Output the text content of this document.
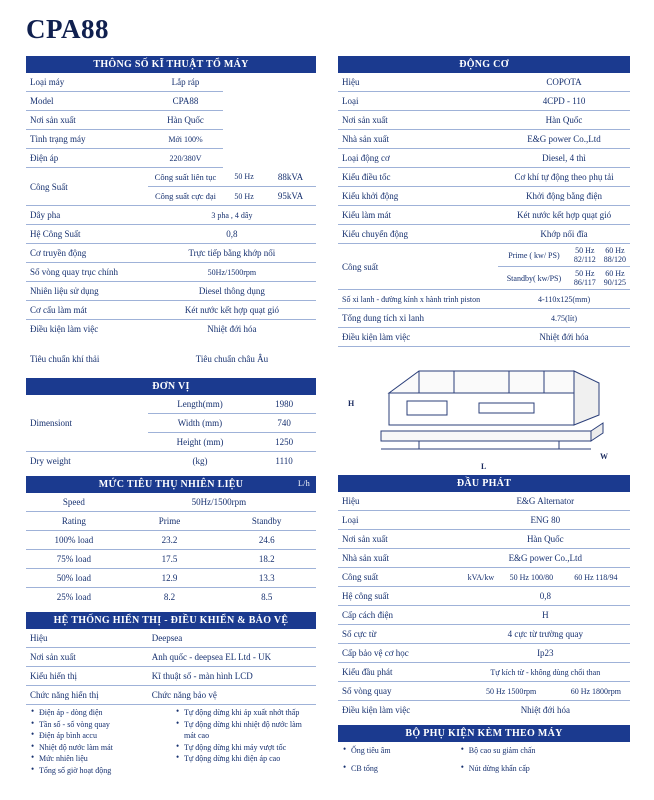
CPA88
THÔNG SỐ KĨ THUẬT TỔ MÁY
Loại máy	Lắp ráp		
Model	CPA88		
Nơi sản xuất	Hàn Quốc		
Tình trạng máy	Mới 100%		
Điện áp	220/380V		
Công Suất	Công suất liên tục	50 Hz	88kVA
	Công suất cực đại	50 Hz	95kVA
Dây pha	3 pha , 4 dây		
Hệ Công Suất	0,8		
Cơ truyền động	Trực tiếp bằng khớp nối		
Số vòng quay trục chính	50Hz/1500rpm		
Nhiên liệu sử dụng	Diesel thông dụng		
Cơ cấu làm mát	Két nước kết hợp quạt gió		
Điều kiện làm việc	Nhiệt đới hóa		

Tiêu chuẩn khí thải	Tiêu chuẩn châu Âu		
ĐƠN VỊ
Dimensiont	Length(mm)	1980
	Width (mm)	740
	Height (mm)	1250
Dry weight	(kg)	1110
MỨC TIÊU THỤ NHIÊN LIỆU	L/h
Speed	50Hz/1500rpm	
Rating	Prime	Standby
100% load	23.2	24.6
75% load	17.5	18.2
50% load	12.9	13.3
25% load	8.2	8.5
HỆ THỐNG HIỂN THỊ - ĐIỀU KHIỂN & BẢO VỆ
Hiệu	Deepsea
Nơi sản xuất	Anh quốc - deepsea EL Ltd - UK
Kiểu hiển thị	Kĩ thuật số - màn hình LCD
Chức năng hiển thị	Chức năng bảo vệ
• Điện áp - dòng điện
• Tần số - số vòng quay
• Điện áp bình accu
• Nhiệt độ nước làm mát
• Mức nhiên liệu
• Tổng số giờ hoạt động
• Tự động dừng khi áp xuất nhớt thấp
• Tự động dừng khi nhiệt độ nước làm mát cao
• Tự động dừng khi máy vượt tốc
• Tự động dừng khi điện áp cao
ĐỘNG CƠ
Hiệu	COPOTA		
Loại	4CPD - 110		
Nơi sản xuất	Hàn Quốc		
Nhà sản xuất	E&G power Co.,Ltd		
Loại động cơ	Diesel, 4 thì		
Kiểu điều tốc	Cơ khí tự động theo phụ tải		
Kiểu khởi động	Khởi động bằng điện		
Kiểu làm mát	Két nước kết hợp quạt gió		
Kiểu chuyển động	Khớp nối đĩa		
Công suất	Prime ( kw/ PS)	50 Hz 82/112	60 Hz 88/120
	Standby( kw/PS)	50 Hz 86/117	60 Hz 90/125
Số xi lanh - đường kính x hành trình piston	4-110x125(mm)		
Tổng dung tích xi lanh	4.75(lít)		
Điều kiện làm việc	Nhiệt đới hóa		
H
L
W
ĐẦU PHÁT
Hiệu	E&G Alternator		
Loại	ENG 80		
Nơi sản xuất	Hàn Quốc		
Nhà sản xuất	E&G power Co.,Ltd		
Công suất	kVA/kw	50 Hz 100/80	60 Hz 118/94
Hệ công suất	0,8		
Cấp cách điện	H		
Số cực từ	4 cực từ trường quay		
Cấp bảo vệ cơ học	Ip23		
Kiểu đầu phát	Tự kích từ - không dùng chổi than		
Số vòng quay	50 Hz 1500rpm		60 Hz 1800rpm
Điều kiện làm việc	Nhiệt đới hóa		
BỘ PHỤ KIỆN KÈM THEO MÁY
• Ống tiêu âm

•Bộ cao su giảm chấn

• CB tổng

•Nút dừng khẩn cấp
